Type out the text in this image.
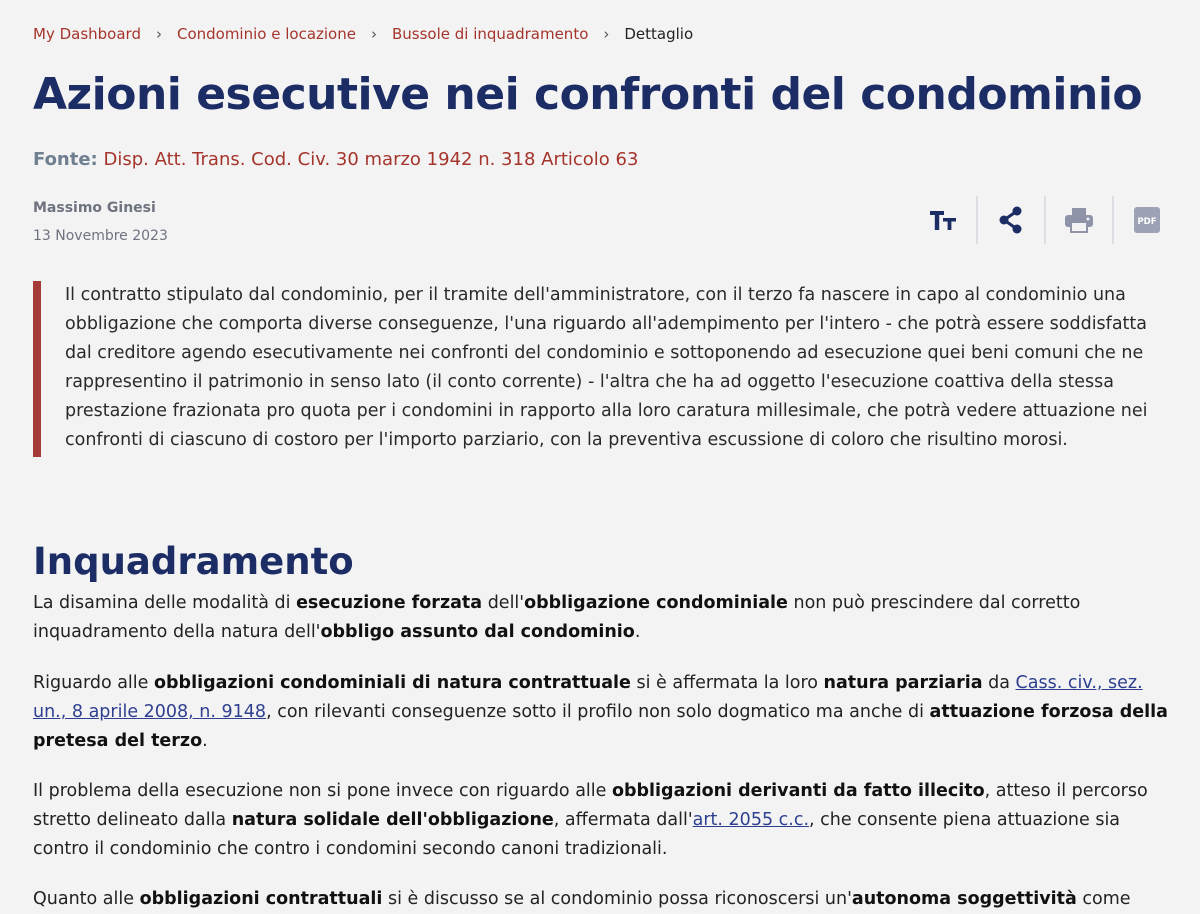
My Dashboard	›	Condominio e locazione	›	Bussole di inquadramento	›	Dettaglio
Azioni esecutive nei confronti del condominio
Fonte: Disp. Att. Trans. Cod. Civ. 30 marzo 1942 n. 318 Articolo 63
Massimo Ginesi
13 Novembre 2023
PDF

Il contratto stipulato dal condominio, per il tramite dell'amministratore, con il terzo fa nascere in capo al condominio una obbligazione che comporta diverse conseguenze, l'una riguardo all'adempimento per l'intero - che potrà essere soddisfatta dal creditore agendo esecutivamente nei confronti del condominio e sottoponendo ad esecuzione quei beni comuni che ne rappresentino il patrimonio in senso lato (il conto corrente) - l'altra che ha ad oggetto l'esecuzione coattiva della stessa prestazione frazionata pro quota per i condomini in rapporto alla loro caratura millesimale, che potrà vedere attuazione nei confronti di ciascuno di costoro per l'importo parziario, con la preventiva escussione di coloro che risultino morosi.

Inquadramento

La disamina delle modalità di esecuzione forzata dell'obbligazione condominiale non può prescindere dal corretto inquadramento della natura dell'obbligo assunto dal condominio.

Riguardo alle obbligazioni condominiali di natura contrattuale si è affermata la loro natura parziaria da Cass. civ., sez. un., 8 aprile 2008, n. 9148, con rilevanti conseguenze sotto il profilo non solo dogmatico ma anche di attuazione forzosa della pretesa del terzo.

Il problema della esecuzione non si pone invece con riguardo alle obbligazioni derivanti da fatto illecito, atteso il percorso stretto delineato dalla natura solidale dell'obbligazione, affermata dall'art. 2055 c.c., che consente piena attuazione sia contro il condominio che contro i condomini secondo canoni tradizionali.

Quanto alle obbligazioni contrattuali si è discusso se al condominio possa riconoscersi un'autonoma soggettività come
